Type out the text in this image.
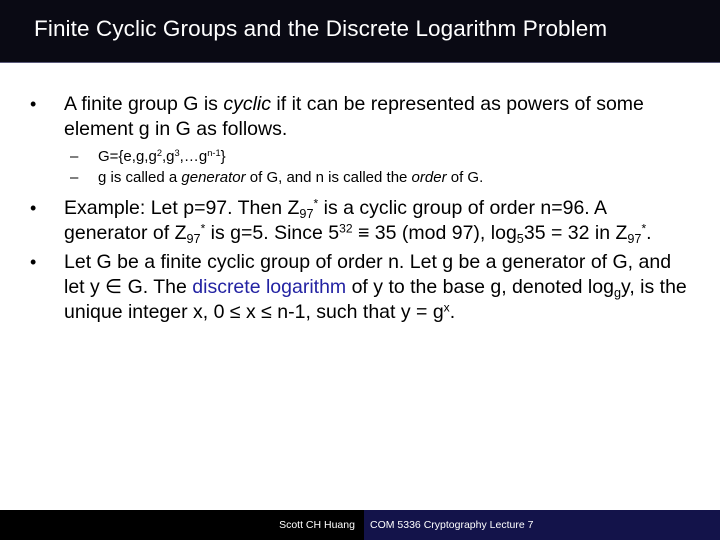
Finite Cyclic Groups and the Discrete Logarithm Problem
• A finite group G is cyclic if it can be represented as powers of some element g in G as follows.
– $G=\{e,g,g^2,g^3,\dots g^{n-1}\}$
– g is called a generator of G, and n is called the order of G.
• Example: Let p=97. Then $Z_{97}^*$ is a cyclic group of order n=96. A generator of $Z_{97}^*$ is g=5. Since $5^{32} \equiv 35$ (mod 97), $\log_535 = 32$ in $Z_{97}^*$.
• Let G be a finite cyclic group of order n. Let g be a generator of G, and let y ∈ G. The discrete logarithm of y to the base g, denoted $\log_gy$, is the unique integer x, 0 ≤ x ≤ n-1, such that $y = g^x$.
Scott CH Huang	COM 5336 Cryptography Lecture 7
